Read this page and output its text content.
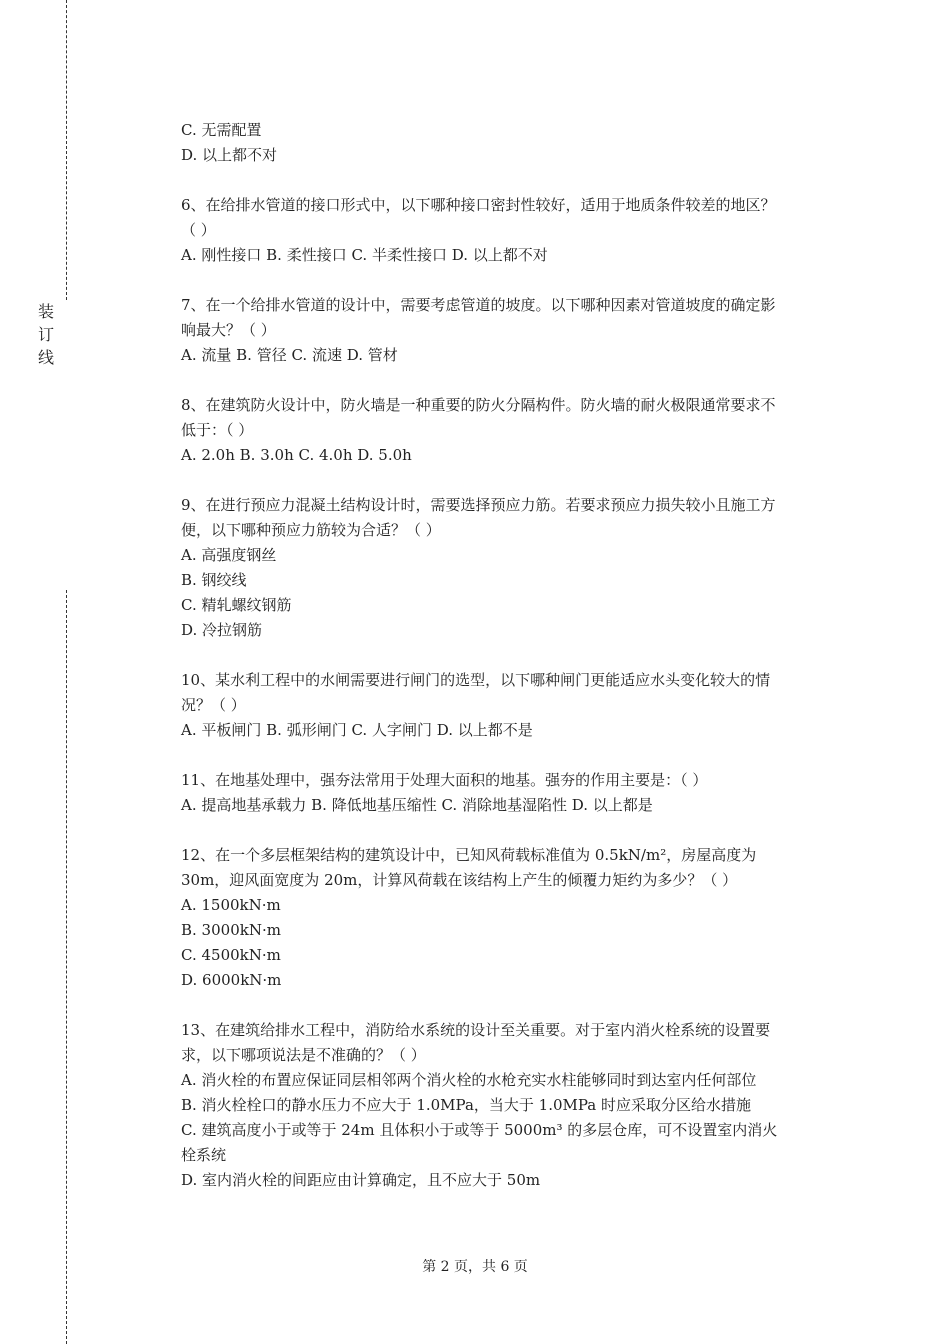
装
订
线

C. 无需配置

D. 以上都不对

6、在给排水管道的接口形式中，以下哪种接口密封性较好，适用于地质条件较差的地区？

（ ）

A. 刚性接口 B. 柔性接口 C. 半柔性接口 D. 以上都不对

7、在一个给排水管道的设计中，需要考虑管道的坡度。以下哪种因素对管道坡度的确定影

响最大？（ ）

A. 流量 B. 管径 C. 流速 D. 管材

8、在建筑防火设计中，防火墙是一种重要的防火分隔构件。防火墙的耐火极限通常要求不

低于：（ ）

A. 2.0h B. 3.0h C. 4.0h D. 5.0h

9、在进行预应力混凝土结构设计时，需要选择预应力筋。若要求预应力损失较小且施工方

便，以下哪种预应力筋较为合适？（ ）

A. 高强度钢丝

B. 钢绞线

C. 精轧螺纹钢筋

D. 冷拉钢筋

10、某水利工程中的水闸需要进行闸门的选型，以下哪种闸门更能适应水头变化较大的情

况？（ ）

A. 平板闸门 B. 弧形闸门 C. 人字闸门 D. 以上都不是

11、在地基处理中，强夯法常用于处理大面积的地基。强夯的作用主要是：（ ）

A. 提高地基承载力 B. 降低地基压缩性 C. 消除地基湿陷性 D. 以上都是

12、在一个多层框架结构的建筑设计中，已知风荷载标准值为 0.5kN/m²，房屋高度为

30m，迎风面宽度为 20m，计算风荷载在该结构上产生的倾覆力矩约为多少？（ ）

A. 1500kN·m

B. 3000kN·m

C. 4500kN·m

D. 6000kN·m

13、在建筑给排水工程中，消防给水系统的设计至关重要。对于室内消火栓系统的设置要

求，以下哪项说法是不准确的？（ ）

A. 消火栓的布置应保证同层相邻两个消火栓的水枪充实水柱能够同时到达室内任何部位

B. 消火栓栓口的静水压力不应大于 1.0MPa，当大于 1.0MPa 时应采取分区给水措施

C. 建筑高度小于或等于 24m 且体积小于或等于 5000m³ 的多层仓库，可不设置室内消火

栓系统

D. 室内消火栓的间距应由计算确定，且不应大于 50m

第 2 页，共 6 页
